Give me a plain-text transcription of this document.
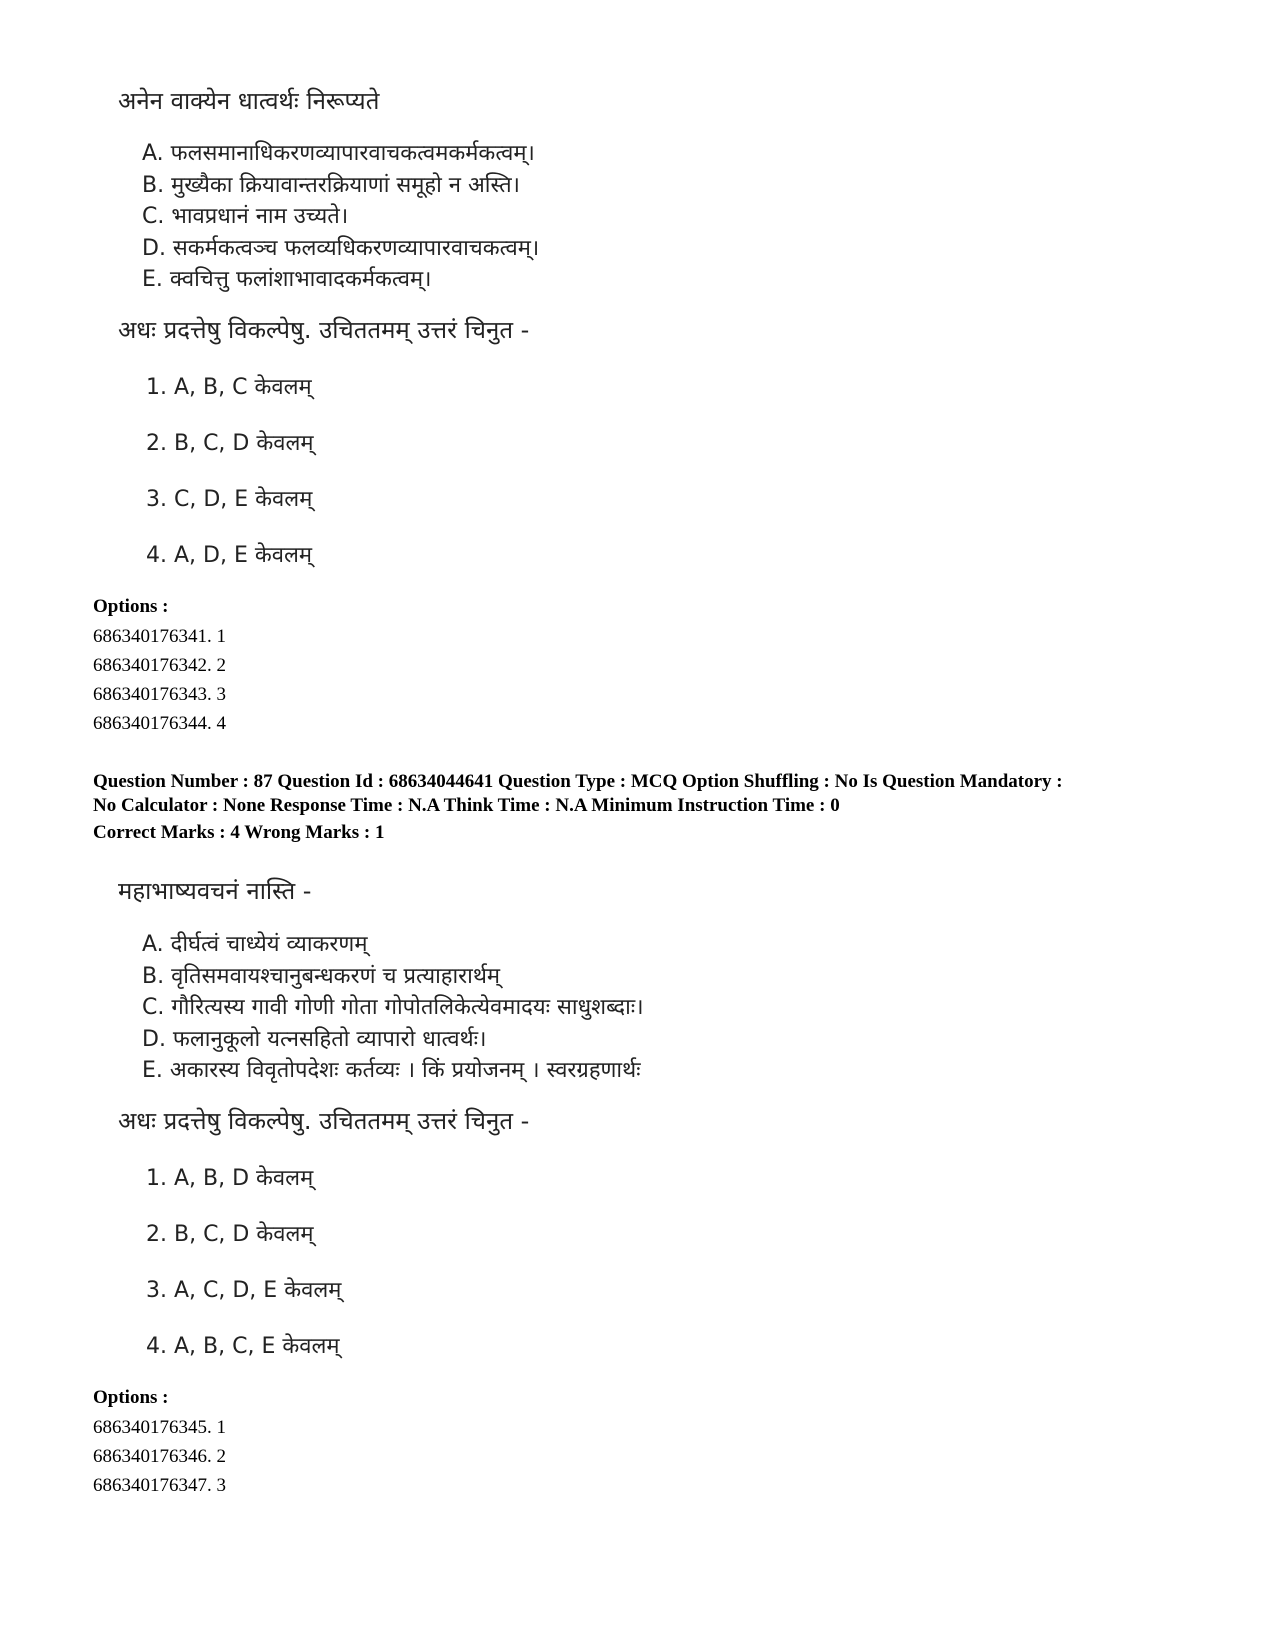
अनेन वाक्येन धात्वर्थः निरूप्यते
A. फलसमानाधिकरणव्यापारवाचकत्वमकर्मकत्वम्।
B. मुख्यैका क्रियावान्तरक्रियाणां समूहो न अस्ति।
C. भावप्रधानं नाम उच्यते।
D. सकर्मकत्वञ्च फलव्यधिकरणव्यापारवाचकत्वम्।
E. क्वचित्तु फलांशाभावादकर्मकत्वम्।
अधः प्रदत्तेषु विकल्पेषु. उचिततमम् उत्तरं चिनुत -
1. A, B, C केवलम्
2. B, C, D केवलम्
3. C, D, E केवलम्
4. A, D, E केवलम्
Options :
686340176341. 1
686340176342. 2
686340176343. 3
686340176344. 4
Question Number : 87 Question Id : 68634044641 Question Type : MCQ Option Shuffling : No Is Question Mandatory :
No Calculator : None Response Time : N.A Think Time : N.A Minimum Instruction Time : 0
Correct Marks : 4 Wrong Marks : 1
महाभाष्यवचनं नास्ति -
A. दीर्घत्वं चाध्येयं व्याकरणम्
B. वृतिसमवायश्चानुबन्धकरणं च प्रत्याहारार्थम्
C. गौरित्यस्य गावी गोणी गोता गोपोतलिकेत्येवमादयः साधुशब्दाः।
D. फलानुकूलो यत्नसहितो व्यापारो धात्वर्थः।
E. अकारस्य विवृतोपदेशः कर्तव्यः । किं प्रयोजनम् । स्वरग्रहणार्थः
अधः प्रदत्तेषु विकल्पेषु. उचिततमम् उत्तरं चिनुत -
1. A, B, D केवलम्
2. B, C, D केवलम्
3. A, C, D, E केवलम्
4. A, B, C, E केवलम्
Options :
686340176345. 1
686340176346. 2
686340176347. 3
